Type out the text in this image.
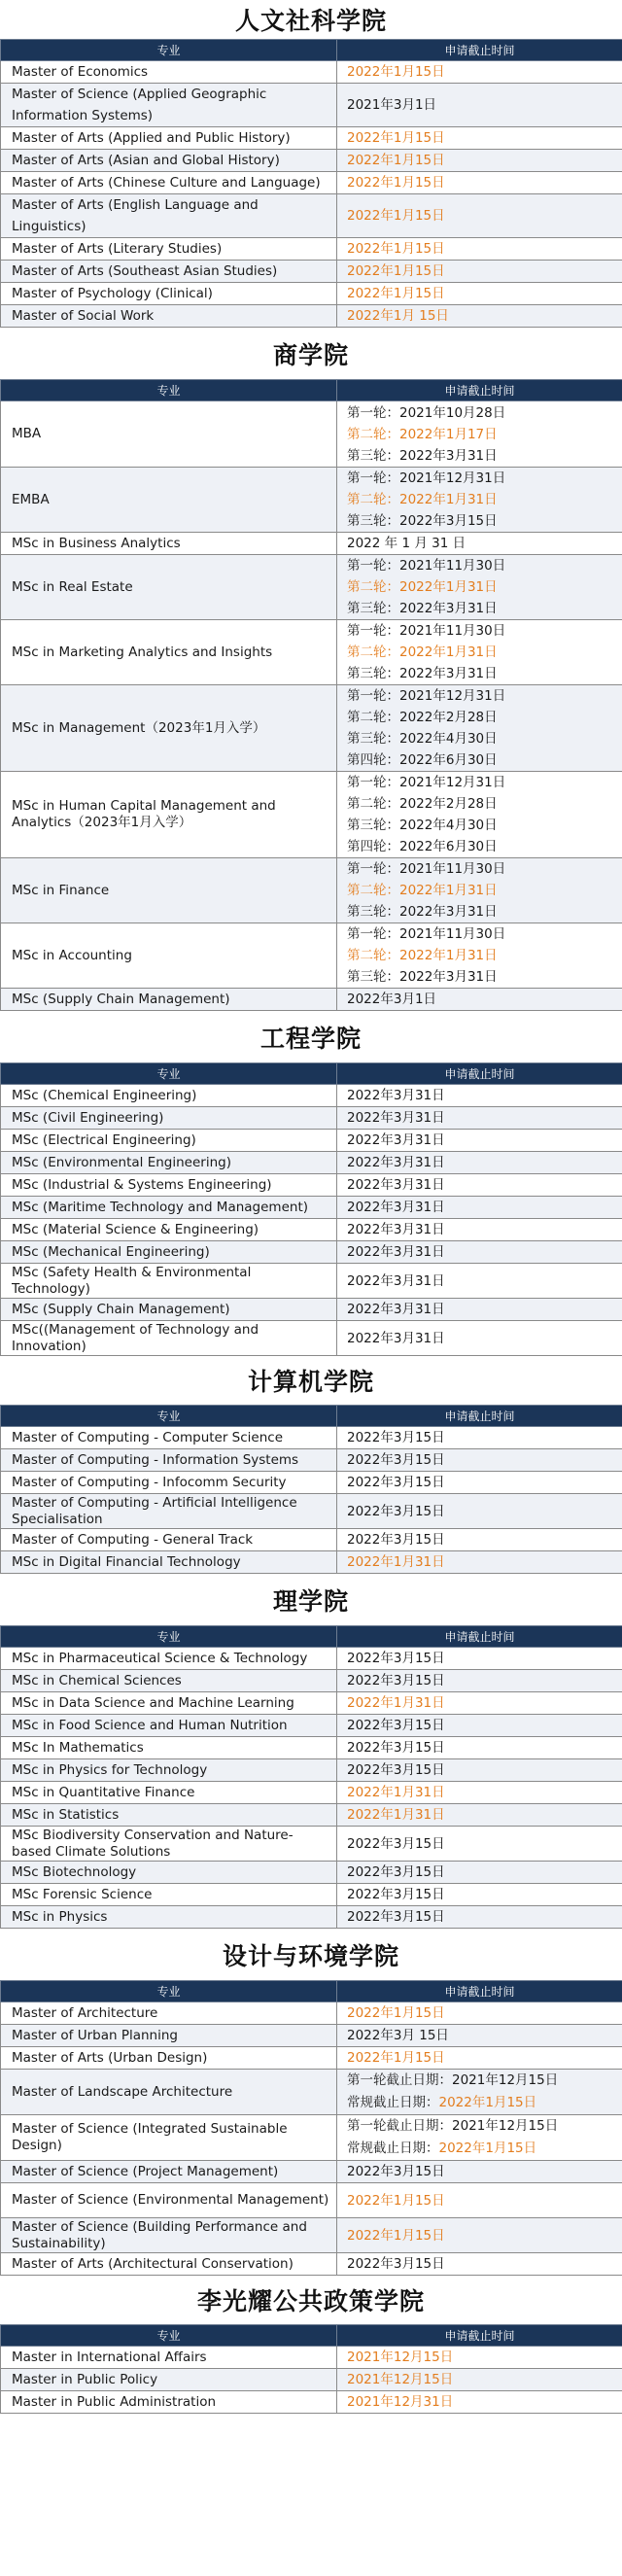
人文社科学院
专业	申请截止时间
Master of Economics	2022年1月15日

Master of Science (Applied Geographic Information Systems)	2021年3月1日

Master of Arts (Applied and Public History)	2022年1月15日

Master of Arts (Asian and Global History)	2022年1月15日

Master of Arts (Chinese Culture and Language)	2022年1月15日

Master of Arts (English Language and Linguistics)	2022年1月15日

Master of Arts (Literary Studies)	2022年1月15日

Master of Arts (Southeast Asian Studies)	2022年1月15日

Master of Psychology (Clinical)	2022年1月15日

Master of Social Work	2022年1月 15日
商学院
专业	申请截止时间
MBA	第一轮：2021年10月28日
第二轮：2022年1月17日
第三轮：2022年3月31日

EMBA	第一轮：2021年12月31日
第二轮：2022年1月31日
第三轮：2022年3月15日

MSc in Business Analytics	2022 年 1 月 31 日

MSc in Real Estate	第一轮：2021年11月30日
第二轮：2022年1月31日
第三轮：2022年3月31日

MSc in Marketing Analytics and Insights	第一轮：2021年11月30日
第二轮：2022年1月31日
第三轮：2022年3月31日

MSc in Management（2023年1月入学）	第一轮：2021年12月31日
第二轮：2022年2月28日
第三轮：2022年4月30日
第四轮：2022年6月30日

MSc in Human Capital Management and Analytics（2023年1月入学）	第一轮：2021年12月31日
第二轮：2022年2月28日
第三轮：2022年4月30日
第四轮：2022年6月30日

MSc in Finance	第一轮：2021年11月30日
第二轮：2022年1月31日
第三轮：2022年3月31日

MSc in Accounting	第一轮：2021年11月30日
第二轮：2022年1月31日
第三轮：2022年3月31日

MSc (Supply Chain Management)	2022年3月1日
工程学院
专业	申请截止时间
MSc (Chemical Engineering)	2022年3月31日

MSc (Civil Engineering)	2022年3月31日

MSc (Electrical Engineering)	2022年3月31日

MSc (Environmental Engineering)	2022年3月31日

MSc (Industrial & Systems Engineering)	2022年3月31日

MSc (Maritime Technology and Management)	2022年3月31日

MSc (Material Science & Engineering)	2022年3月31日

MSc (Mechanical Engineering)	2022年3月31日

MSc (Safety Health & Environmental Technology)	2022年3月31日

MSc (Supply Chain Management)	2022年3月31日

MSc((Management of Technology and Innovation)	2022年3月31日
计算机学院
专业	申请截止时间
Master of Computing - Computer Science	2022年3月15日

Master of Computing - Information Systems	2022年3月15日

Master of Computing - Infocomm Security	2022年3月15日

Master of Computing - Artificial Intelligence Specialisation	2022年3月15日

Master of Computing - General Track	2022年3月15日

MSc in Digital Financial Technology	2022年1月31日
理学院
专业	申请截止时间
MSc in Pharmaceutical Science & Technology	2022年3月15日

MSc in Chemical Sciences	2022年3月15日

MSc in Data Science and Machine Learning	2022年1月31日

MSc in Food Science and Human Nutrition	2022年3月15日

MSc In Mathematics	2022年3月15日

MSc in Physics for Technology	2022年3月15日

MSc in Quantitative Finance	2022年1月31日

MSc in Statistics	2022年1月31日

MSc Biodiversity Conservation and Nature-based Climate Solutions	2022年3月15日

MSc Biotechnology	2022年3月15日

MSc Forensic Science	2022年3月15日

MSc in Physics	2022年3月15日
设计与环境学院
专业	申请截止时间
Master of Architecture	2022年1月15日

Master of Urban Planning	2022年3月 15日

Master of Arts (Urban Design)	2022年1月15日

Master of Landscape Architecture	第一轮截止日期：2021年12月15日
常规截止日期：2022年1月15日

Master of Science (Integrated Sustainable Design)	第一轮截止日期：2021年12月15日
常规截止日期：2022年1月15日

Master of Science (Project Management)	2022年3月15日

Master of Science (Environmental Management)	2022年1月15日

Master of Science (Building Performance and Sustainability)	2022年1月15日

Master of Arts (Architectural Conservation)	2022年3月15日
李光耀公共政策学院
专业	申请截止时间
Master in International Affairs	2021年12月15日

Master in Public Policy	2021年12月15日

Master in Public Administration	2021年12月31日
